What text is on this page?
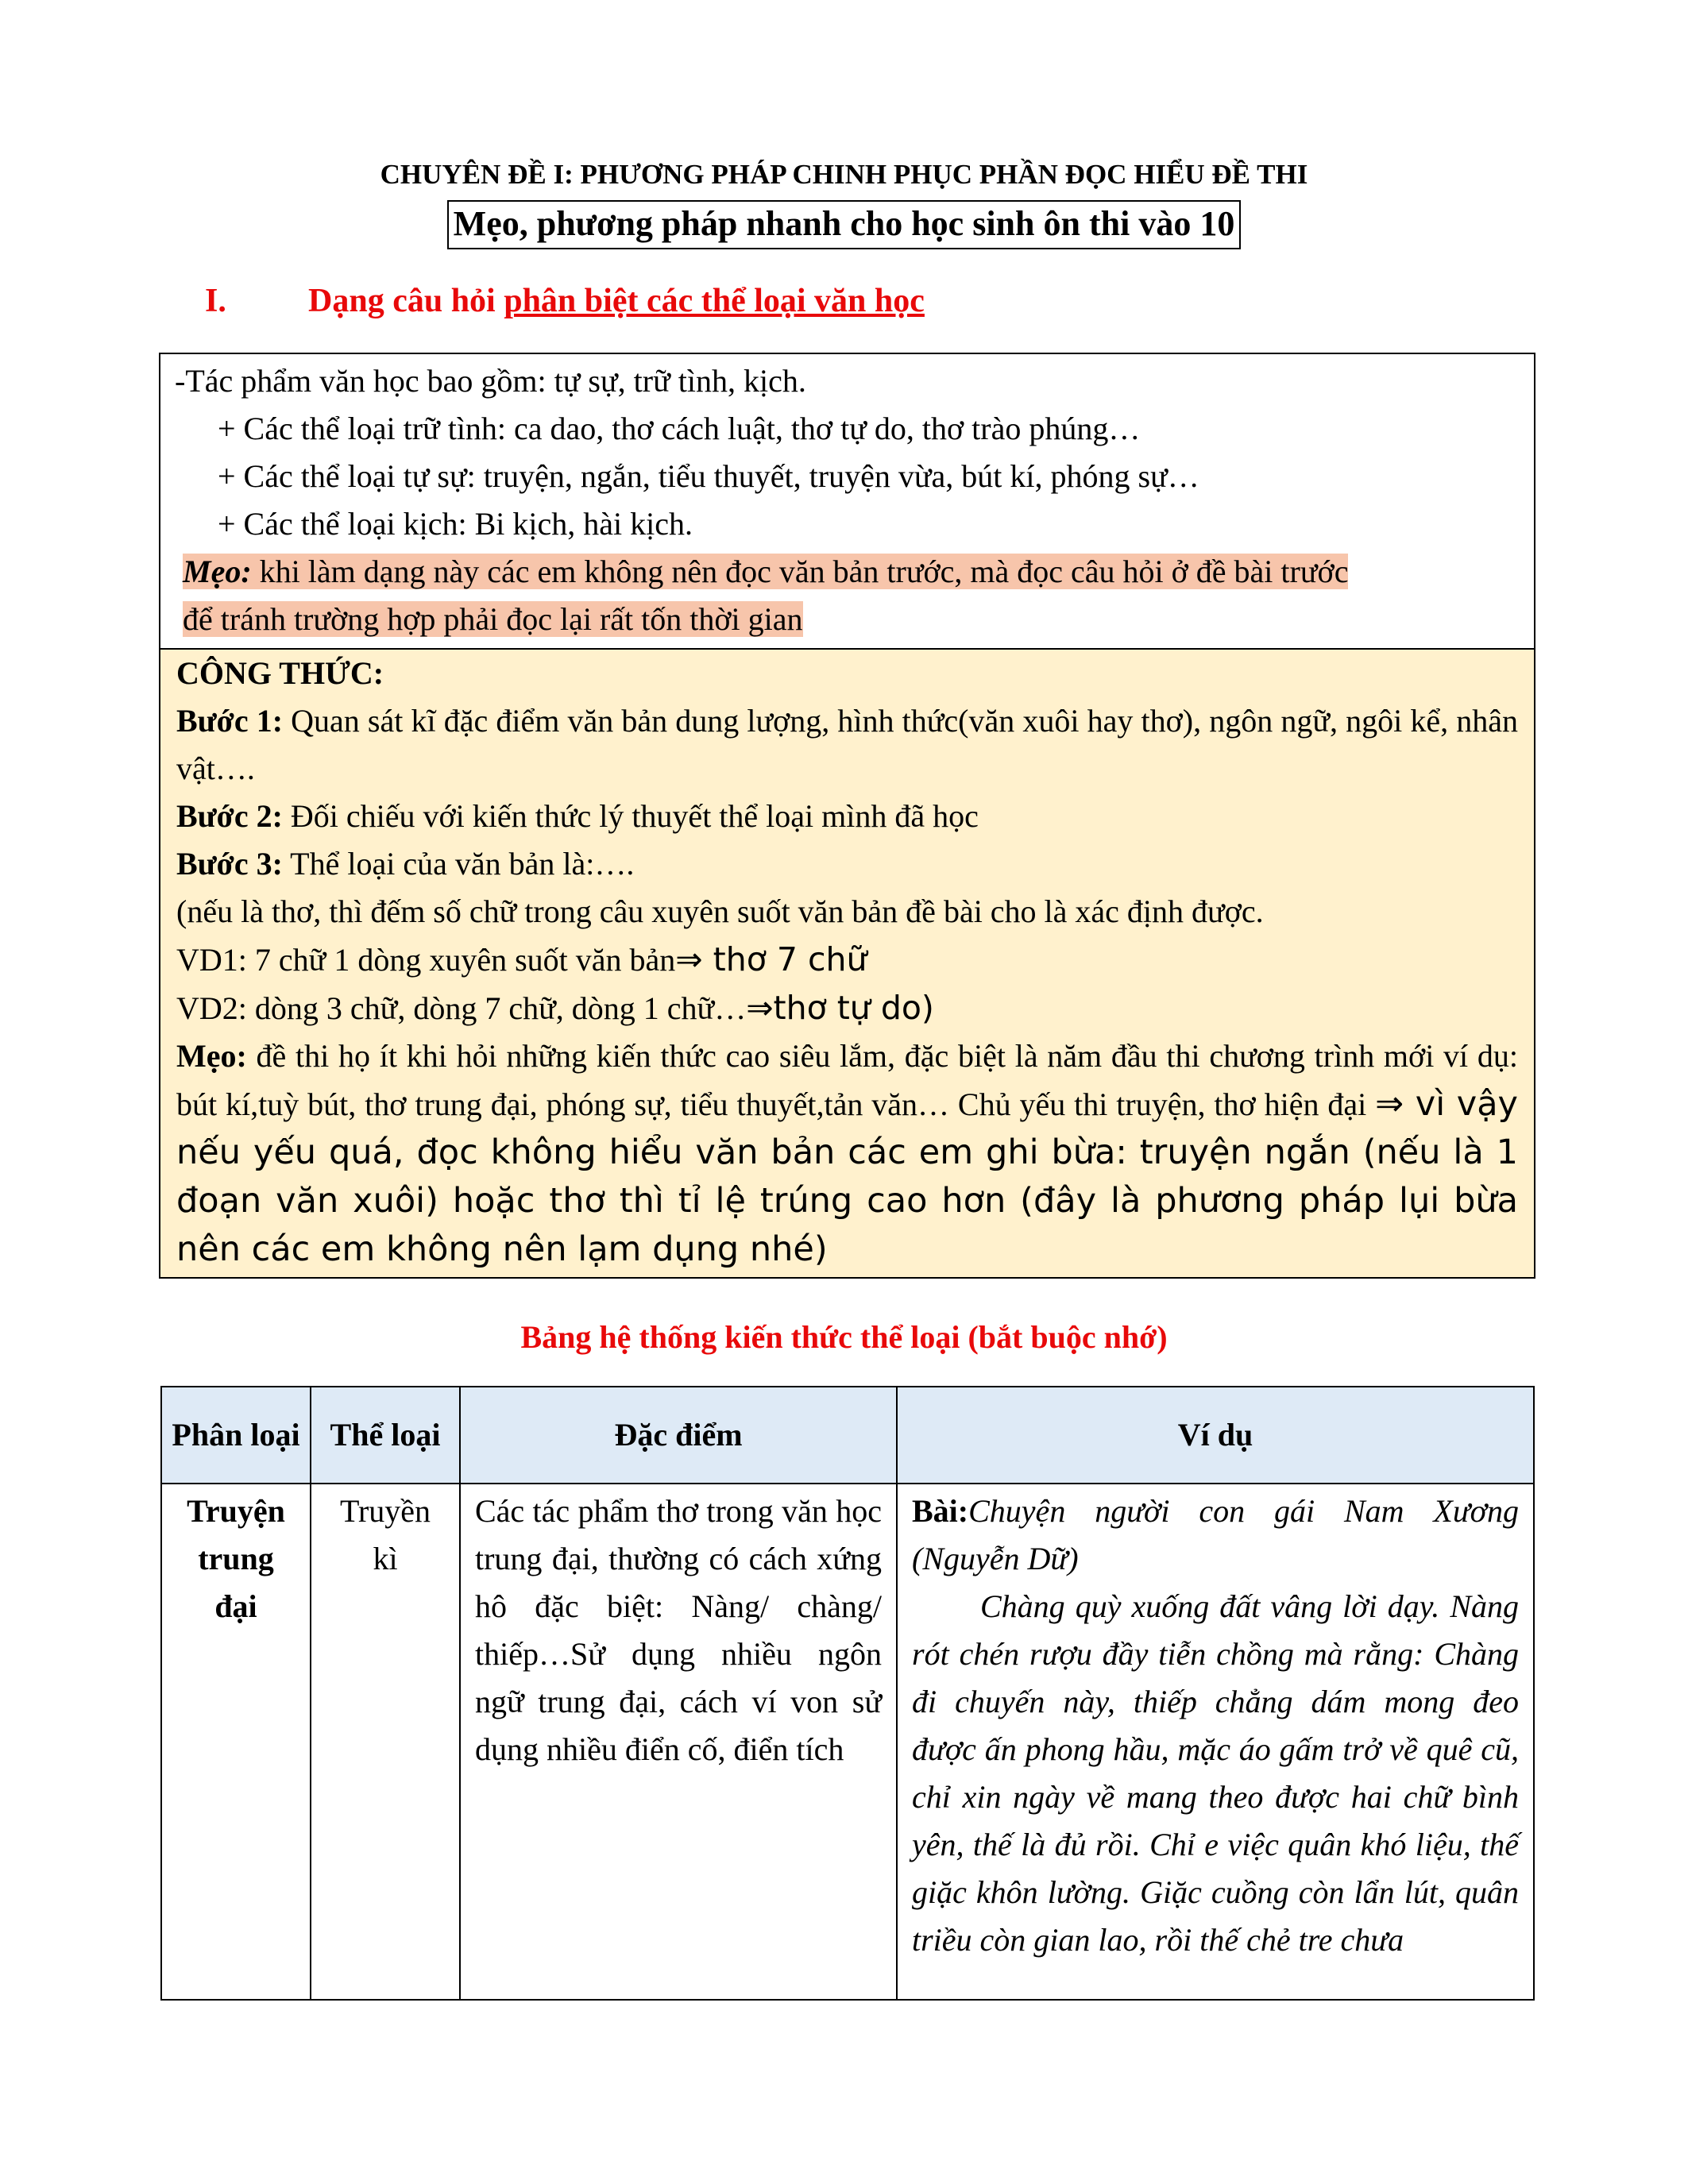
CHUYÊN ĐỀ I: PHƯƠNG PHÁP CHINH PHỤC PHẦN ĐỌC HIỂU ĐỀ THI
Mẹo, phương pháp nhanh cho học sinh ôn thi vào 10
I. Dạng câu hỏi phân biệt các thể loại văn học
-Tác phẩm văn học bao gồm: tự sự, trữ tình, kịch.
+ Các thể loại trữ tình: ca dao, thơ cách luật, thơ tự do, thơ trào phúng…
+ Các thể loại tự sự: truyện, ngắn, tiểu thuyết, truyện vừa, bút kí, phóng sự…
+ Các thể loại kịch: Bi kịch, hài kịch.
Mẹo: khi làm dạng này các em không nên đọc văn bản trước, mà đọc câu hỏi ở đề bài trước
để tránh trường hợp phải đọc lại rất tốn thời gian
CÔNG THỨC:
Bước 1: Quan sát kĩ đặc điểm văn bản dung lượng, hình thức(văn xuôi hay thơ), ngôn ngữ, ngôi kể, nhân vật….
Bước 2: Đối chiếu với kiến thức lý thuyết thể loại mình đã học
Bước 3: Thể loại của văn bản là:….
(nếu là thơ, thì đếm số chữ trong câu xuyên suốt văn bản đề bài cho là xác định được.
VD1: 7 chữ 1 dòng xuyên suốt văn bản⇒ thơ 7 chữ
VD2: dòng 3 chữ, dòng 7 chữ, dòng 1 chữ…⇒thơ tự do)
Mẹo: đề thi họ ít khi hỏi những kiến thức cao siêu lắm, đặc biệt là năm đầu thi chương trình mới ví dụ: bút kí,tuỳ bút, thơ trung đại, phóng sự, tiểu thuyết,tản văn… Chủ yếu thi truyện, thơ hiện đại ⇒ vì vậy nếu yếu quá, đọc không hiểu văn bản các em ghi bừa: truyện ngắn (nếu là 1 đoạn văn xuôi) hoặc thơ thì tỉ lệ trúng cao hơn (đây là phương pháp lụi bừa nên các em không nên lạm dụng nhé)
Bảng hệ thống kiến thức thể loại (bắt buộc nhớ)
Phân loại	Thể loại	Đặc điểm	Ví dụ
Truyện trung đại	Truyền kì	Các tác phẩm thơ trong văn học trung đại, thường có cách xứng hô đặc biệt: Nàng/ chàng/ thiếp…Sử dụng nhiều ngôn ngữ trung đại, cách ví von sử dụng nhiều điển cố, điển tích	Bài:Chuyện người con gái Nam Xương (Nguyễn Dữ)
Chàng quỳ xuống đất vâng lời dạy. Nàng rót chén rượu đầy tiễn chồng mà rằng: Chàng đi chuyến này, thiếp chẳng dám mong đeo được ấn phong hầu, mặc áo gấm trở về quê cũ, chỉ xin ngày về mang theo được hai chữ bình yên, thế là đủ rồi. Chỉ e việc quân khó liệu, thế giặc khôn lường. Giặc cuồng còn lẩn lút, quân triều còn gian lao, rồi thế chẻ tre chưa
